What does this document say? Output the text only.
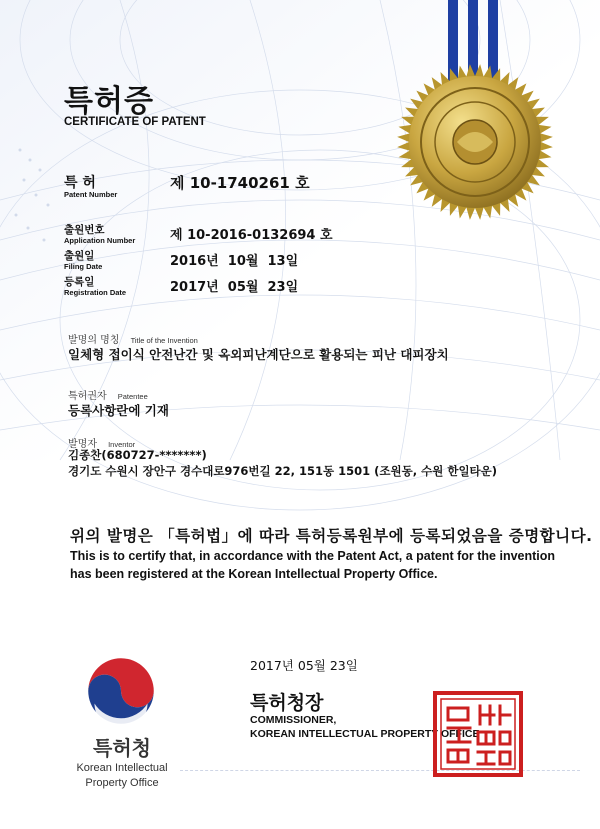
특허증
CERTIFICATE OF PATENT
특 허
Patent Number
제 10-1740261 호
출원번호
Application Number	제 10-2016-0132694 호
출원일
Filing Date	2016년  10월  13일
등록일
Registration Date	2017년  05월  23일
발명의 명칭 Title of the Invention
일체형 접이식 안전난간 및 옥외피난계단으로 활용되는 피난 대피장치
특허권자 Patentee
등록사항란에 기재
발명자 Inventor
김종찬(680727-*******)
경기도 수원시 장안구 경수대로976번길 22, 151동 1501 (조원동, 수원 한일타운)
위의 발명은 「특허법」에 따라 특허등록원부에 등록되었음을 증명합니다.
This is to certify that, in accordance with the Patent Act, a patent for the invention
has been registered at the Korean Intellectual Property Office.
특허청
Korean Intellectual
Property Office
2017년 05월 23일
특허청장
COMMISSIONER,
KOREAN INTELLECTUAL PROPERTY OFFICE
